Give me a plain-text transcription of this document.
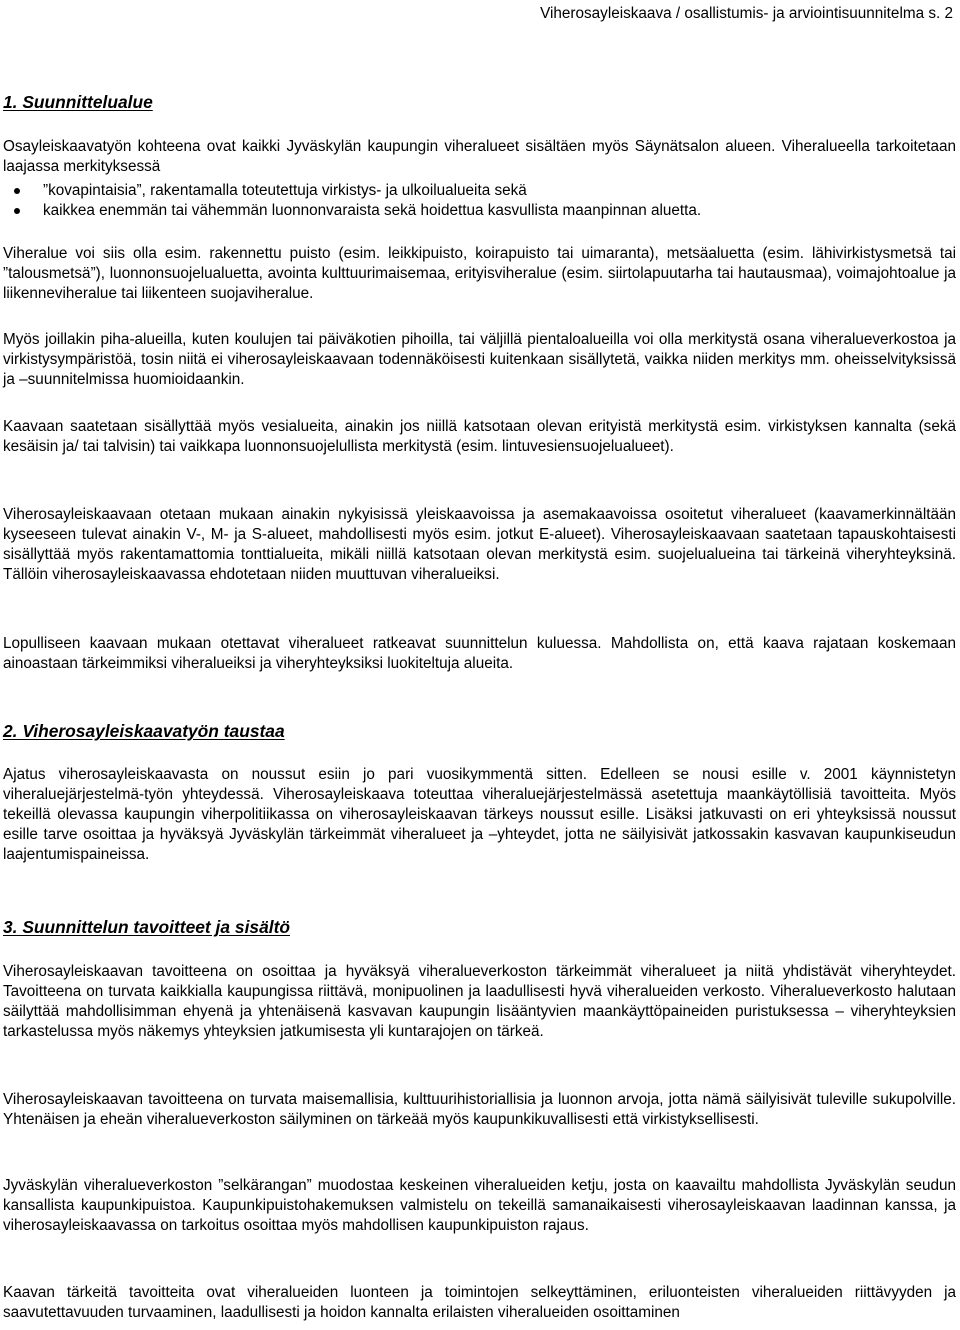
Viherosayleiskaava / osallistumis- ja arviointisuunnitelma s. 2
1. Suunnittelualue

Osayleiskaavatyön kohteena ovat kaikki Jyväskylän kaupungin viheralueet sisältäen myös Säynätsalon alueen. Viheralueella tarkoitetaan laajassa merkityksessä

”kovapintaisia”, rakentamalla toteutettuja virkistys- ja ulkoilualueita sekä
kaikkea enemmän tai vähemmän luonnonvaraista sekä hoidettua kasvullista maanpinnan aluetta.

Viheralue voi siis olla esim. rakennettu puisto (esim. leikkipuisto, koirapuisto tai uimaranta), metsäaluetta (esim. lähivirkistysmetsä tai ”talousmetsä”), luonnonsuojelualuetta, avointa kulttuurimaisemaa, erityisviheralue (esim. siirtolapuutarha tai hautausmaa), voimajohtoalue ja liikenneviheralue tai liikenteen suojaviheralue.

Myös joillakin piha-alueilla, kuten koulujen tai päiväkotien pihoilla, tai väljillä pientaloalueilla voi olla merkitystä osana viheralueverkostoa ja virkistysympäristöä, tosin niitä ei viherosayleiskaavaan todennäköisesti kuitenkaan sisällytetä, vaikka niiden merkitys mm. oheisselvityksissä ja –suunnitelmissa huomioidaankin.

Kaavaan saatetaan sisällyttää myös vesialueita, ainakin jos niillä katsotaan olevan erityistä merkitystä esim. virkistyksen kannalta (sekä kesäisin ja/ tai talvisin) tai vaikkapa luonnonsuojelullista merkitystä (esim. lintuvesiensuojelualueet).

Viherosayleiskaavaan otetaan mukaan ainakin nykyisissä yleiskaavoissa ja asemakaavoissa osoitetut viheralueet (kaavamerkinnältään kyseeseen tulevat ainakin V-, M- ja S-alueet, mahdollisesti myös esim. jotkut E-alueet). Viherosayleiskaavaan saatetaan tapauskohtaisesti sisällyttää myös rakentamattomia tonttialueita, mikäli niillä katsotaan olevan merkitystä esim. suojelualueina tai tärkeinä viheryhteyksinä. Tällöin viherosayleiskaavassa ehdotetaan niiden muuttuvan viheralueiksi.

Lopulliseen kaavaan mukaan otettavat viheralueet ratkeavat suunnittelun kuluessa. Mahdollista on, että kaava rajataan koskemaan ainoastaan tärkeimmiksi viheralueiksi ja viheryhteyksiksi luokiteltuja alueita.

2. Viherosayleiskaavatyön taustaa

Ajatus viherosayleiskaavasta on noussut esiin jo pari vuosikymmentä sitten. Edelleen se nousi esille v. 2001 käynnistetyn viheraluejärjestelmä-työn yhteydessä. Viherosayleiskaava toteuttaa viheraluejärjestelmässä asetettuja maankäytöllisiä tavoitteita. Myös tekeillä olevassa kaupungin viherpolitiikassa on viherosayleiskaavan tärkeys noussut esille. Lisäksi jatkuvasti on eri yhteyksissä noussut esille tarve osoittaa ja hyväksyä Jyväskylän tärkeimmät viheralueet ja –yhteydet, jotta ne säilyisivät jatkossakin kasvavan kaupunkiseudun laajentumispaineissa.

3. Suunnittelun tavoitteet ja sisältö

Viherosayleiskaavan tavoitteena on osoittaa ja hyväksyä viheralueverkoston tärkeimmät viheralueet ja niitä yhdistävät viheryhteydet. Tavoitteena on turvata kaikkialla kaupungissa riittävä, monipuolinen ja laadullisesti hyvä viheralueiden verkosto. Viheralueverkosto halutaan säilyttää mahdollisimman ehyenä ja yhtenäisenä kasvavan kaupungin lisääntyvien maankäyttöpaineiden puristuksessa – viheryhteyksien tarkastelussa myös näkemys yhteyksien jatkumisesta yli kuntarajojen on tärkeä.

Viherosayleiskaavan tavoitteena on turvata maisemallisia, kulttuurihistoriallisia ja luonnon arvoja, jotta nämä säilyisivät tuleville sukupolville. Yhtenäisen ja eheän viheralueverkoston säilyminen on tärkeää myös kaupunkikuvallisesti että virkistyksellisesti.

Jyväskylän viheralueverkoston ”selkärangan” muodostaa keskeinen viheralueiden ketju, josta on kaavailtu mahdollista Jyväskylän seudun kansallista kaupunkipuistoa. Kaupunkipuistohakemuksen valmistelu on tekeillä samanaikaisesti viherosayleiskaavan laadinnan kanssa, ja viherosayleiskaavassa on tarkoitus osoittaa myös mahdollisen kaupunkipuiston rajaus.

Kaavan tärkeitä tavoitteita ovat viheralueiden luonteen ja toimintojen selkeyttäminen, eriluonteisten viheralueiden riittävyyden ja saavutettavuuden turvaaminen, laadullisesti ja hoidon kannalta erilaisten viheralueiden osoittaminen
